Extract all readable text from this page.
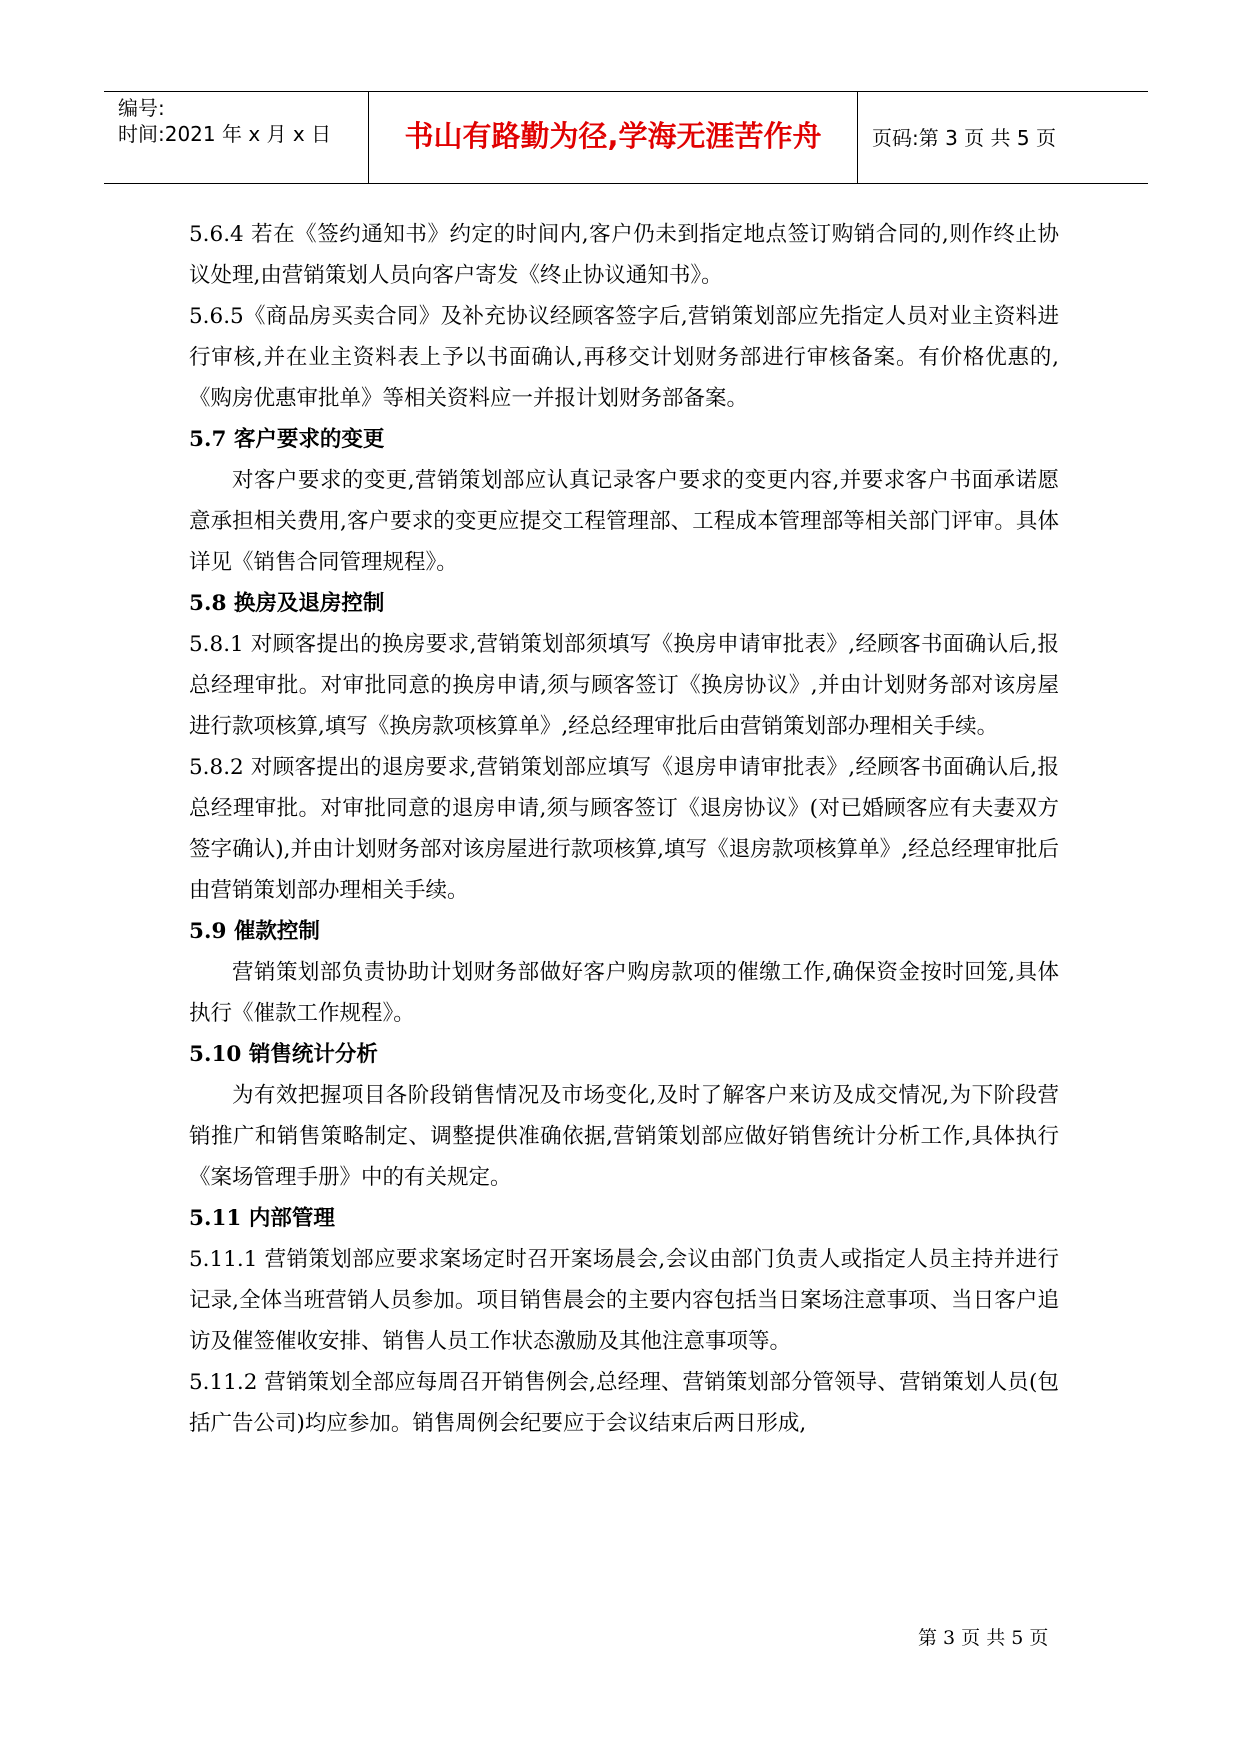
编号:
时间:2021 年 x 月 x 日	书山有路勤为径,学海无涯苦作舟	页码:第 3 页 共 5 页

5.6.4 若在《签约通知书》约定的时间内,客户仍未到指定地点签订购销合同的,则作终止协议处理,由营销策划人员向客户寄发《终止协议通知书》。

5.6.5《商品房买卖合同》及补充协议经顾客签字后,营销策划部应先指定人员对业主资料进行审核,并在业主资料表上予以书面确认,再移交计划财务部进行审核备案。有价格优惠的,《购房优惠审批单》等相关资料应一并报计划财务部备案。

5.7 客户要求的变更

对客户要求的变更,营销策划部应认真记录客户要求的变更内容,并要求客户书面承诺愿意承担相关费用,客户要求的变更应提交工程管理部、工程成本管理部等相关部门评审。具体详见《销售合同管理规程》。

5.8 换房及退房控制

5.8.1 对顾客提出的换房要求,营销策划部须填写《换房申请审批表》,经顾客书面确认后,报总经理审批。对审批同意的换房申请,须与顾客签订《换房协议》,并由计划财务部对该房屋进行款项核算,填写《换房款项核算单》,经总经理审批后由营销策划部办理相关手续。

5.8.2 对顾客提出的退房要求,营销策划部应填写《退房申请审批表》,经顾客书面确认后,报总经理审批。对审批同意的退房申请,须与顾客签订《退房协议》(对已婚顾客应有夫妻双方签字确认),并由计划财务部对该房屋进行款项核算,填写《退房款项核算单》,经总经理审批后由营销策划部办理相关手续。

5.9 催款控制

营销策划部负责协助计划财务部做好客户购房款项的催缴工作,确保资金按时回笼,具体执行《催款工作规程》。

5.10 销售统计分析

为有效把握项目各阶段销售情况及市场变化,及时了解客户来访及成交情况,为下阶段营销推广和销售策略制定、调整提供准确依据,营销策划部应做好销售统计分析工作,具体执行《案场管理手册》中的有关规定。

5.11 内部管理

5.11.1 营销策划部应要求案场定时召开案场晨会,会议由部门负责人或指定人员主持并进行记录,全体当班营销人员参加。项目销售晨会的主要内容包括当日案场注意事项、当日客户追访及催签催收安排、销售人员工作状态激励及其他注意事项等。

5.11.2 营销策划全部应每周召开销售例会,总经理、营销策划部分管领导、营销策划人员(包括广告公司)均应参加。销售周例会纪要应于会议结束后两日形成,

第 3 页 共 5 页
